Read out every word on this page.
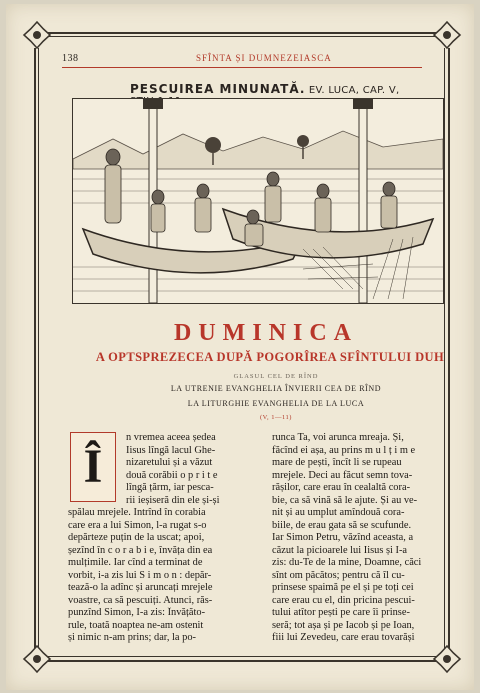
138	SFÎNTA ȘI DUMNEZEIASCA
PESCUIREA MINUNATĂ. EV. LUCA, CAP. V,
DUMINICA
A OPTSPREZECEA DUPĂ POGORÎREA SFÎNTULUI DUH
GLASUL CEL DE RÎND
LA UTRENIE EVANGHELIA ÎNVIERII CEA DE RÎND
LA LITURGHIE EVANGHELIA DE LA LUCA
(V, 1—11)
Î
n vremea aceea ședea
Iisus lîngă lacul Ghe-
nizaretului și a văzut
două corăbii o p r i t e
lîngă țărm, iar pesca-
rii ieșiseră din ele și-și
spălau mrejele. Intrînd în corabia
care era a lui Simon, l-a rugat s-o
depărteze puțin de la uscat; apoi,
șezînd în c o r a b i e, învăța din ea
mulțimile. Iar cînd a terminat de
vorbit, i-a zis lui S i m o n : depăr-
tează-o la adînc și aruncați mrejele
voastre, ca să pescuiți. Atunci, răs-
punzînd Simon, I-a zis: Învățăto-
rule, toată noaptea ne-am ostenit
și nimic n-am prins; dar, la po-
runca Ta, voi arunca mreaja. Și,
făcînd ei așa, au prins m u l ț i m e
mare de pești, încît li se rupeau
mrejele. Deci au făcut semn tova-
rășilor, care erau în cealaltă cora-
bie, ca să vină să le ajute. Și au ve-
nit și au umplut amîndouă cora-
biile, de erau gata să se scufunde.
Iar Simon Petru, văzînd aceasta, a
căzut la picioarele lui Iisus și I-a
zis: du-Te de la mine, Doamne, căci
sînt om păcătos; pentru că îl cu-
prinsese spaimă pe el și pe toți cei
care erau cu el, din pricina pescui-
tului atîtor pești pe care îi prinse-
seră; tot așa și pe Iacob și pe Ioan,
fiii lui Zevedeu, care erau tovarăși
